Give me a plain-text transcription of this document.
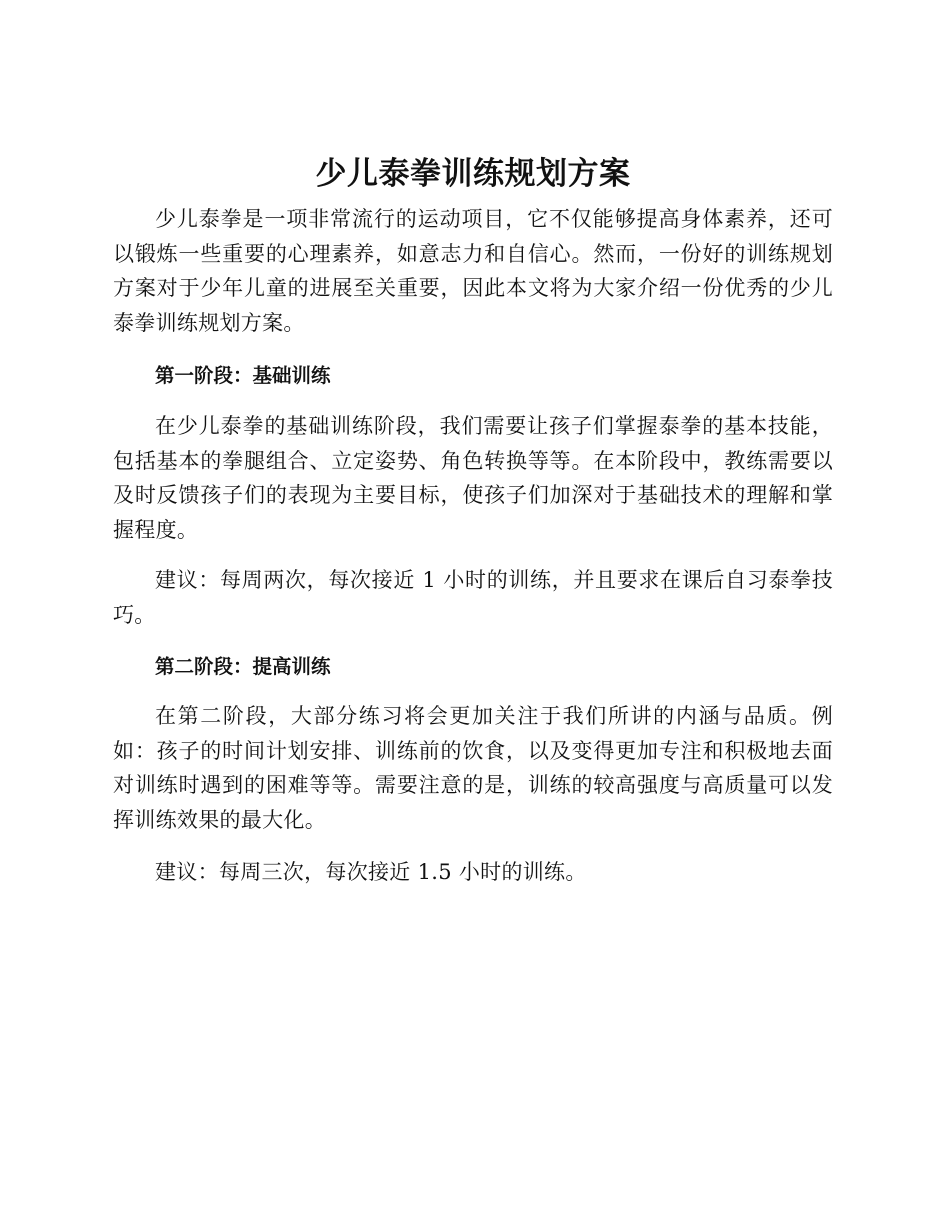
少儿泰拳训练规划方案

少儿泰拳是一项非常流行的运动项目，它不仅能够提高身体素养，还可以锻炼一些重要的心理素养，如意志力和自信心。然而，一份好的训练规划方案对于少年儿童的进展至关重要，因此本文将为大家介绍一份优秀的少儿泰拳训练规划方案。

第一阶段：基础训练

在少儿泰拳的基础训练阶段，我们需要让孩子们掌握泰拳的基本技能，包括基本的拳腿组合、立定姿势、角色转换等等。在本阶段中，教练需要以及时反馈孩子们的表现为主要目标，使孩子们加深对于基础技术的理解和掌握程度。

建议：每周两次，每次接近 1 小时的训练，并且要求在课后自习泰拳技巧。

第二阶段：提高训练

在第二阶段，大部分练习将会更加关注于我们所讲的内涵与品质。例如：孩子的时间计划安排、训练前的饮食，以及变得更加专注和积极地去面对训练时遇到的困难等等。需要注意的是，训练的较高强度与高质量可以发挥训练效果的最大化。

建议：每周三次，每次接近 1.5 小时的训练。
